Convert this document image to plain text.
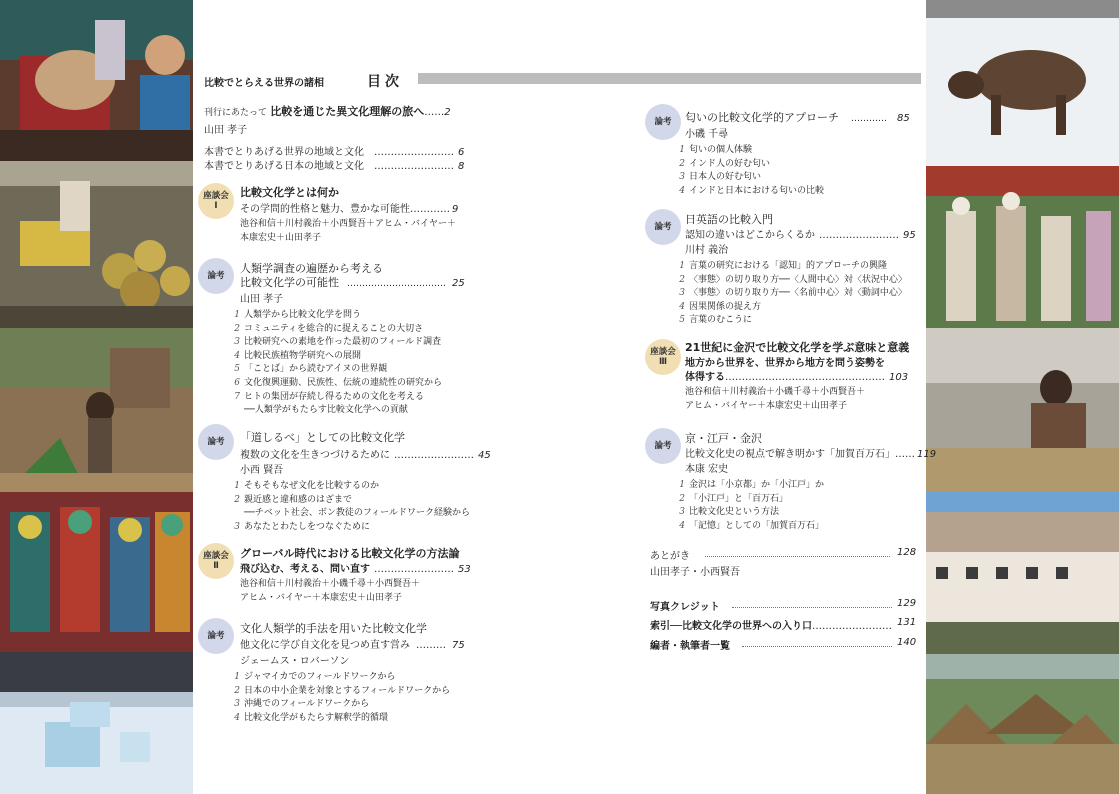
比較でとらえる世界の諸相	目次
刊行にあたって 比較を通じた異文化理解の旅へ……2
山田 孝子
本書でとりあげる世界の地域と文化 …………………… 6
本書でとりあげる日本の地域と文化 …………………… 8
座談会
Ⅰ
比較文化学とは何か
その学問的性格と魅力、豊かな可能性………… 9
池谷和信＋川村義治＋小西賢吾＋アヒム・バイヤー＋
本康宏史＋山田孝子
論考
人類学調査の遍歴から考える
比較文化学の可能性 …………………………… 25
山田 孝子
1 人類学から比較文化学を問う
2 コミュニティを総合的に捉えることの大切さ
3 比較研究への素地を作った最初のフィールド調査
4 比較民族植物学研究への展開
5 「ことば」から読むアイヌの世界観
6 文化復興運動、民族性、伝統の連続性の研究から
7 ヒトの集団が存続し得るための文化を考える
──人類学がもたらす比較文化学への貢献
論考	「道しるべ」としての比較文化学
複数の文化を生きつづけるために …………………… 45
小西 賢吾
1 そもそもなぜ文化を比較するのか
2 親近感と違和感のはざまで
──チベット社会、ボン教徒のフィールドワーク経験から
3 あなたとわたしをつなぐために
座談会
Ⅱ
グローバル時代における比較文化学の方法論
飛び込む、考える、問い直す …………………… 53
池谷和信＋川村義治＋小磯千尋＋小西賢吾＋
アヒム・バイヤー＋本康宏史＋山田孝子
論考
文化人類学的手法を用いた比較文化学
他文化に学び自文化を見つめ直す営み ……… 75
ジェームス・ロバーソン
1 ジャマイカでのフィールドワークから
2 日本の中小企業を対象とするフィールドワークから
3 沖縄でのフィールドワークから
4 比較文化学がもたらす解釈学的循環
論考	匂いの比較文化学的アプローチ ………… 85
小磯 千尋
1 匂いの個人体験
2 インド人の好む匂い
3 日本人の好む匂い
4 インドと日本における匂いの比較
論考
日英語の比較入門
認知の違いはどこからくるか …………………… 95
川村 義治
1 言葉の研究における「認知」的アプローチの興隆
2 〈事態〉の切り取り方──〈人間中心〉対〈状況中心〉
3 〈事態〉の切り取り方──〈名前中心〉対〈動詞中心〉
4 因果関係の捉え方
5 言葉のむこうに
座談会
Ⅲ
21世紀に金沢で比較文化学を学ぶ意味と意義
地方から世界を、世界から地方を問う姿勢を
体得する………………………………………… 103
池谷和信＋川村義治＋小磯千尋＋小西賢吾＋
アヒム・バイヤー＋本康宏史＋山田孝子
論考
京・江戸・金沢
比較文化史の視点で解き明かす「加賀百万石」…… 119
本康 宏史
1 金沢は「小京都」か「小江戸」か
2 「小江戸」と「百万石」
3 比較文化史という方法
4 「記憶」としての「加賀百万石」
あとがき	128
山田孝子・小西賢吾
写真クレジット	129
索引──比較文化学の世界への入り口…………………… 131
編者・執筆者一覧	140
